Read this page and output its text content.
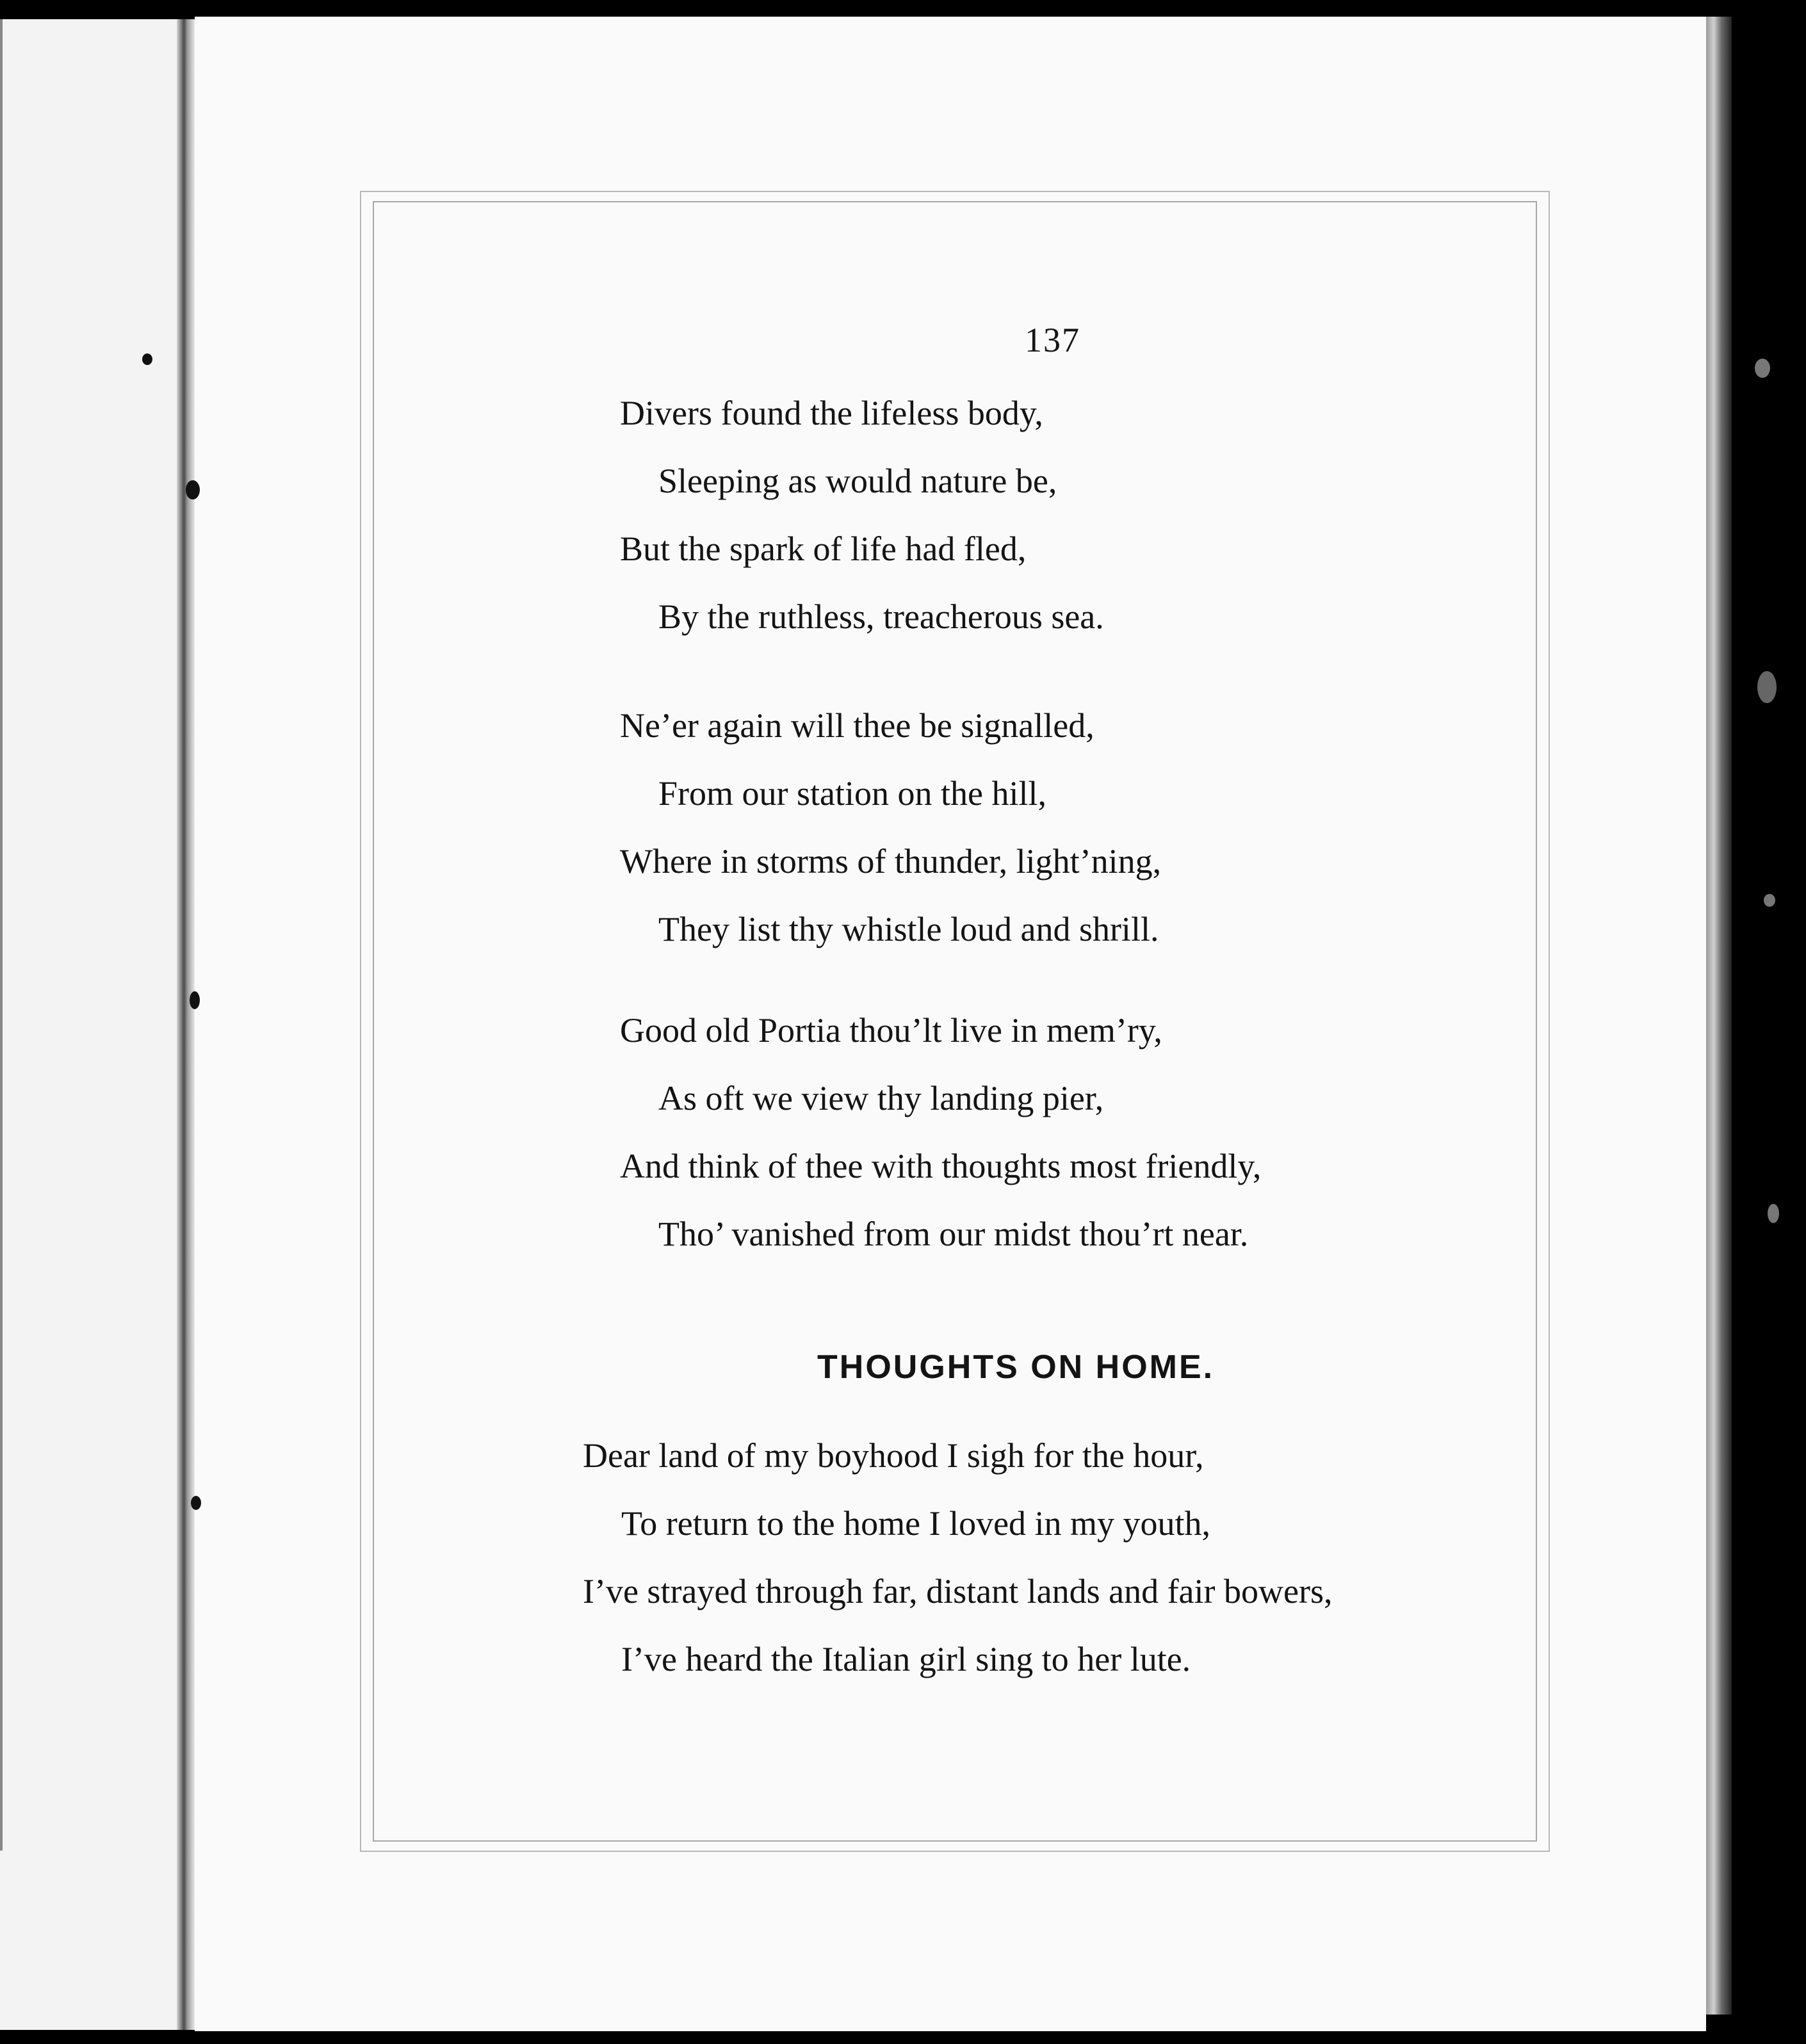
137
Divers found the lifeless body,
Sleeping as would nature be,
But the spark of life had fled,
By the ruthless, treacherous sea.
Ne’er again will thee be signalled,
From our station on the hill,
Where in storms of thunder, light’ning,
They list thy whistle loud and shrill.
Good old Portia thou’lt live in mem’ry,
As oft we view thy landing pier,
And think of thee with thoughts most friendly,
Tho’ vanished from our midst thou’rt near.
THOUGHTS ON HOME.
Dear land of my boyhood I sigh for the hour,
To return to the home I loved in my youth,
I’ve strayed through far, distant lands and fair bowers,
I’ve heard the Italian girl sing to her lute.
